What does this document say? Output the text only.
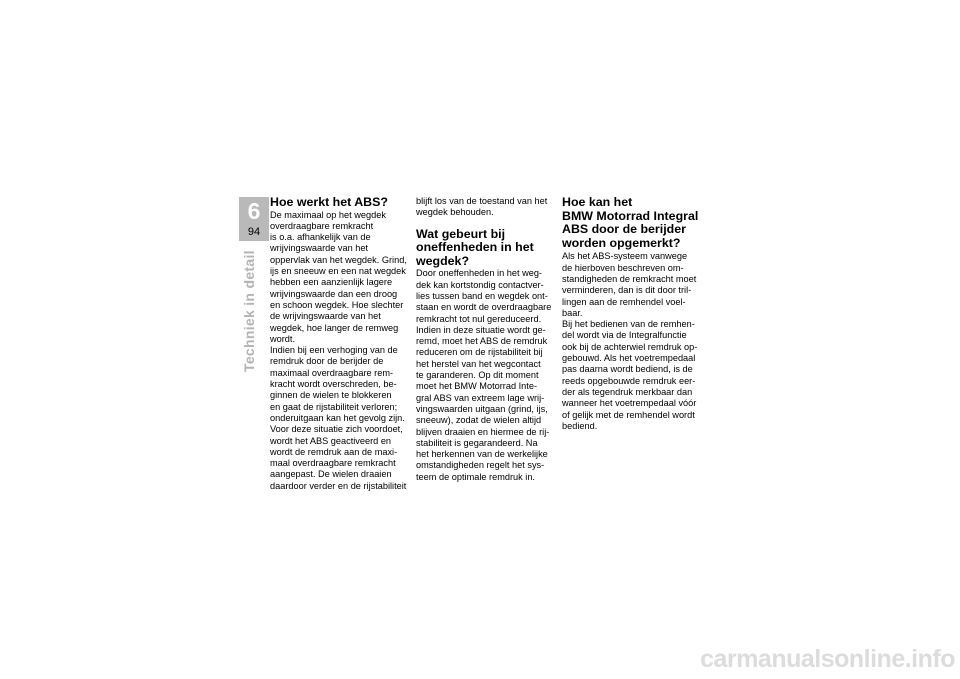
6
94
Techniek in detail
Hoe werkt het ABS?

De maximaal op het wegdek
overdraagbare remkracht
is o.a. afhankelijk van de
wrijvingswaarde van het
oppervlak van het wegdek. Grind,
ijs en sneeuw en een nat wegdek
hebben een aanzienlijk lagere
wrijvingswaarde dan een droog
en schoon wegdek. Hoe slechter
de wrijvingswaarde van het
wegdek, hoe langer de remweg
wordt.
Indien bij een verhoging van de
remdruk door de berijder de
maximaal overdraagbare rem-
kracht wordt overschreden, be-
ginnen de wielen te blokkeren
en gaat de rijstabiliteit verloren;
onderuitgaan kan het gevolg zijn.
Voor deze situatie zich voordoet,
wordt het ABS geactiveerd en
wordt de remdruk aan de maxi-
maal overdraagbare remkracht
aangepast. De wielen draaien
daardoor verder en de rijstabiliteit

blijft los van de toestand van het
wegdek behouden.

Wat gebeurt bij
oneffenheden in het
wegdek?

Door oneffenheden in het weg-
dek kan kortstondig contactver-
lies tussen band en wegdek ont-
staan en wordt de overdraagbare
remkracht tot nul gereduceerd.
Indien in deze situatie wordt ge-
remd, moet het ABS de remdruk
reduceren om de rijstabiliteit bij
het herstel van het wegcontact
te garanderen. Op dit moment
moet het BMW Motorrad Inte-
gral ABS van extreem lage wrij-
vingswaarden uitgaan (grind, ijs,
sneeuw), zodat de wielen altijd
blijven draaien en hiermee de rij-
stabiliteit is gegarandeerd. Na
het herkennen van de werkelijke
omstandigheden regelt het sys-
teem de optimale remdruk in.

Hoe kan het
BMW Motorrad Integral
ABS door de berijder
worden opgemerkt?

Als het ABS-systeem vanwege
de hierboven beschreven om-
standigheden de remkracht moet
verminderen, dan is dit door tril-
lingen aan de remhendel voel-
baar.
Bij het bedienen van de remhen-
del wordt via de Integralfunctie
ook bij de achterwiel remdruk op-
gebouwd. Als het voetrempedaal
pas daarna wordt bediend, is de
reeds opgebouwde remdruk eer-
der als tegendruk merkbaar dan
wanneer het voetrempedaal vóór
of gelijk met de remhendel wordt
bediend.

carmanualsonline.info
